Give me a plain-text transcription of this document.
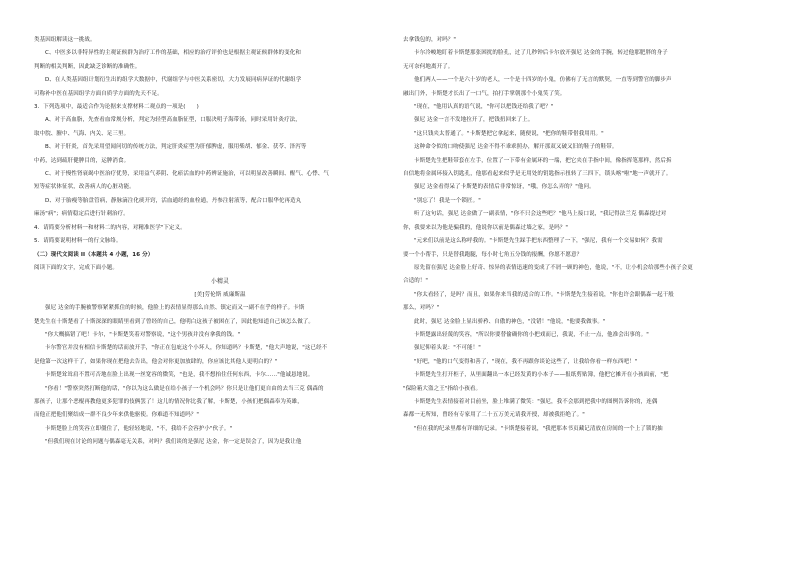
类基因组解读这一挑战。

C、中医多以非特异性的主观证候群为治疗工作的基础，相应的治疗评价也是根据主观证候群体的变化和

判断的相关判断，因此缺乏诊断的准确性。

D、在人类基因组计划衍生出的组学大数据中，代谢组学与中医关系密切，大力发展同病异证的代谢组学

可称补中医在基因组学方面自质学方面的先天不足。

3．下列选项中，最适合作为论据来支撑材料二观点的一项是(　　)

A、对于高血脂，先查看血常规分析，判定为轻型高血脂征型，口服决明子海带汤，同时采用针灸疗法，

取中脘、膻中、气海、内关、足三里。

B、对于肝炎，首先采用望闻问切的传统方法，判定肝炎症型为肝郁脾虚，服用柴胡、郁金、茯苓、泽泻等

中药，达到疏肝健脾目的，运脾消食。

C、对于慢性肾衰竭中医治疗优势，采用益气养阴、化瘀活血的中药辨证施治，可以明显改善瞬间、醒气、心悸、气

短等症状体征状，改善病人的心脏功能。

D、对于胎瘦等胎盘管病，静脉滴注化痰开窍，活血通经的血栓通，丹参注射液等，配合口服华佗再造丸

麻汤"病"；病情稳定后进行针刺治疗。

4．请简要分析材料一和材料二的内容，对精准医学"下定义。

5．请简要说明材料一的行文脉络。

（二）现代文阅读 II（本题共 4 小题，16 分）

阅读下面的文字，完成下面小题。

小精灵

[美]劳伦斯 威廉斯温

强尼 达金的手腕被警察紧紧抓住的时候，他脸上的表情显得那么自然、镇定而又一副不在乎的样子。卡斯

楚先生在十斯楚看了十斯深深的眼睛里看到了曾经的自己，他明白这孩子被困在了，因此他知道自己该怎么做了。

"你大概搞错了吧！卡尔，"卡斯楚笑着对警察说，"这个男孩并没有拿我的钱。"

卡尔警官并没有相信卡斯楚的话而放开手，"你正在包庇这个小坏人，你知道吗？卡斯楚，"他大声地说，"这已经不

是他第一次这样干了，如果你现在把他去告出，他会对你更加放肆的，你应该比其他人更明白的？"

卡斯楚耸耸肩不置可否地在脸上出现一丝宽容的微笑，"也是，我不想抬住任何东西，卡尔……"他诚恳地说。

"你看！"警察突然打断他的话，"你以为这么做是在给小孩子一个机会吗？你只是让他们更自由的去当三克 偶森的

那孩子，让那个恶棍再教他更多犯罪的伎俩罢了！这儿的情况你比我了解，卡斯楚，小孩们把偶森奉为英雄，

而他正把他们聚结成一群不良少年来供他驱使。你难道不知道吗？"

卡斯楚脸上的笑容立即僵住了，他轻轻地说，"不，我给不会容护小"伙子。"

"但我们现在讨论的问题与偶森毫无关系，对吗？我们谈的是强尼 达金，你一定是误会了，因为是我让他

去拿钱包的，对吗？"

卡尔冷峻地盯着卡斯楚那张困扰的脸孔，过了几秒钟后卡尔放开强尼 达金的手腕，转过他那肥胖的身子

无可奈何地离开了。

他们两人——一个是六十岁的老人，一个是十四岁的小鬼，仿佛有了无言的默契，一直等到警官的脚步声

融出门外，卡斯楚才长出了一口气，拍打手掌朝那个小鬼笑了笑。

"现在，"他用认真的语气说，"你可以把钱还给我了吧？"

强尼 达金一言不发地拉开了，把钱扭回来了上。

"这只钱夹太普通了。"卡斯楚把它拿起来，随便说，"把你的鞋带借我用用。"

这种命令似的口吻使强尼 达金不得不乖乖照办，解开那双又破又旧的鞋子的鞋带。

卡斯楚先生把鞋带套在左手，位置了一下带有金属环的一端，把它夹在手指中间，像指挥笔那样，然后拆

自信地将金属环接入钥匙孔，他那看起来似乎是无用处的钥匙指示扭转了三四下，锁头喀"啦"地一声就开了。

强尼 达金看得呆了卡斯楚的表情后非常惊讶，"哦，你怎么弄的？"他问。

"别忘了！我是一个锁匠。"

听了这句话，强尼 达金做了一副表情，"你不只会这些吧？"他马上接口说，"我记得法兰克 偶森提过对

你，我要来以为他是骗我的，他说你以前是偶森过墙之家，是吗？"

"元来们以前是这么称呼我的。"卡斯楚先生踩手把东西整理了一下，"强尼，我有一个交易如何？我需

要一个小帮手，只是替我跑腿，每小时七角五分钱的报酬，你愿不愿意？

原先留在强尼 达金脸上好奇、惊异的表情迅速的变成了不屑一顾的神色，他说，"不，让小机会给那些小孩子会更

合适的！"

"你太看轻了，是吗？而且，如果你来当我的适合的工作。"卡斯楚先生接着说，"你也许会跟偶森一起干般

那么，对吗？"

此时，强尼 达金脸上显出骄矜、自傲的神色，"没错！"他说，"他要我做事。"

卡斯楚露出轻蔑的笑容，"所以你要替偷确你的小把戏而已，我说，不止一点，他准会出事的。"

强尼仰着头说："不可能！"

"好吧，"他的口气变得和善了，"现在，我不再跟你谈论这些了，让我给你看一样东西吧！"

卡斯楚先生打开柜子，从里面翻出一本已经发黄的小本子——报纸剪贴簿，他把它摊开在小孩面前，"把

"保险箱大盗之王"指给小孩看。

卡斯楚先生表情接着对目前坐，脸上堆满了微笑："强尼，我不会那到把我中的图例告诉你的，连偶

森都一无所知，曾经有专家用了二十五万美元请我开授，却被我拒绝了。"

"但在我的纪录里都有详细的记录。"卡斯楚接着说，"我把那本书页藏记清放在房间的一个上了锁的抽
